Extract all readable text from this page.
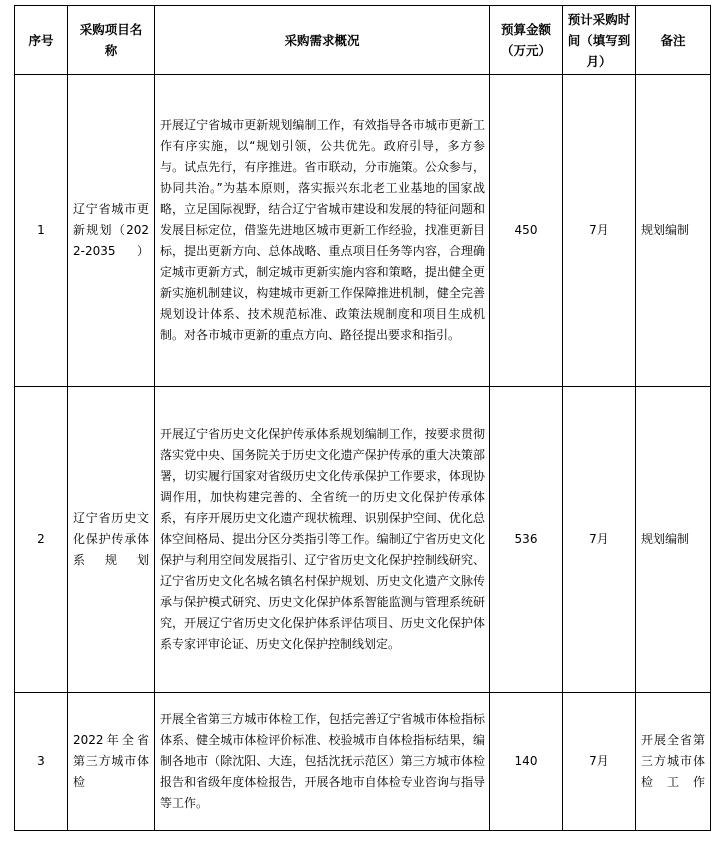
序号	采购项目名称	采购需求概况	预算金额（万元）	预计采购时间（填写到月）	备注
1	辽宁省城市更新规划（2022-2035）	开展辽宁省城市更新规划编制工作，有效指导各市城市更新工作有序实施，以“规划引领，公共优先。政府引导，多方参与。试点先行，有序推进。省市联动，分市施策。公众参与，协同共治。”为基本原则，落实振兴东北老工业基地的国家战略，立足国际视野，结合辽宁省城市建设和发展的特征问题和发展目标定位，借鉴先进地区城市更新工作经验，找准更新目标，提出更新方向、总体战略、重点项目任务等内容，合理确定城市更新方式，制定城市更新实施内容和策略，提出健全更新实施机制建议，构建城市更新工作保障推进机制，健全完善规划设计体系、技术规范标准、政策法规制度和项目生成机制。对各市城市更新的重点方向、路径提出要求和指引。	450	7月	规划编制
2	辽宁省历史文化保护传承体系规划	开展辽宁省历史文化保护传承体系规划编制工作，按要求贯彻落实党中央、国务院关于历史文化遗产保护传承的重大决策部署，切实履行国家对省级历史文化传承保护工作要求，体现协调作用，加快构建完善的、全省统一的历史文化保护传承体系，有序开展历史文化遗产现状梳理、识别保护空间、优化总体空间格局、提出分区分类指引等工作。编制辽宁省历史文化保护与利用空间发展指引、辽宁省历史文化保护控制线研究、辽宁省历史文化名城名镇名村保护规划、历史文化遗产文脉传承与保护模式研究、历史文化保护体系智能监测与管理系统研究，开展辽宁省历史文化保护体系评估项目、历史文化保护体系专家评审论证、历史文化保护控制线划定。	536	7月	规划编制
3	2022年全省第三方城市体检	开展全省第三方城市体检工作，包括完善辽宁省城市体检指标体系、健全城市体检评价标准、校验城市自体检指标结果，编制各地市（除沈阳、大连，包括沈抚示范区）第三方城市体检报告和省级年度体检报告，开展各地市自体检专业咨询与指导等工作。	140	7月	开展全省第三方城市体检工作
